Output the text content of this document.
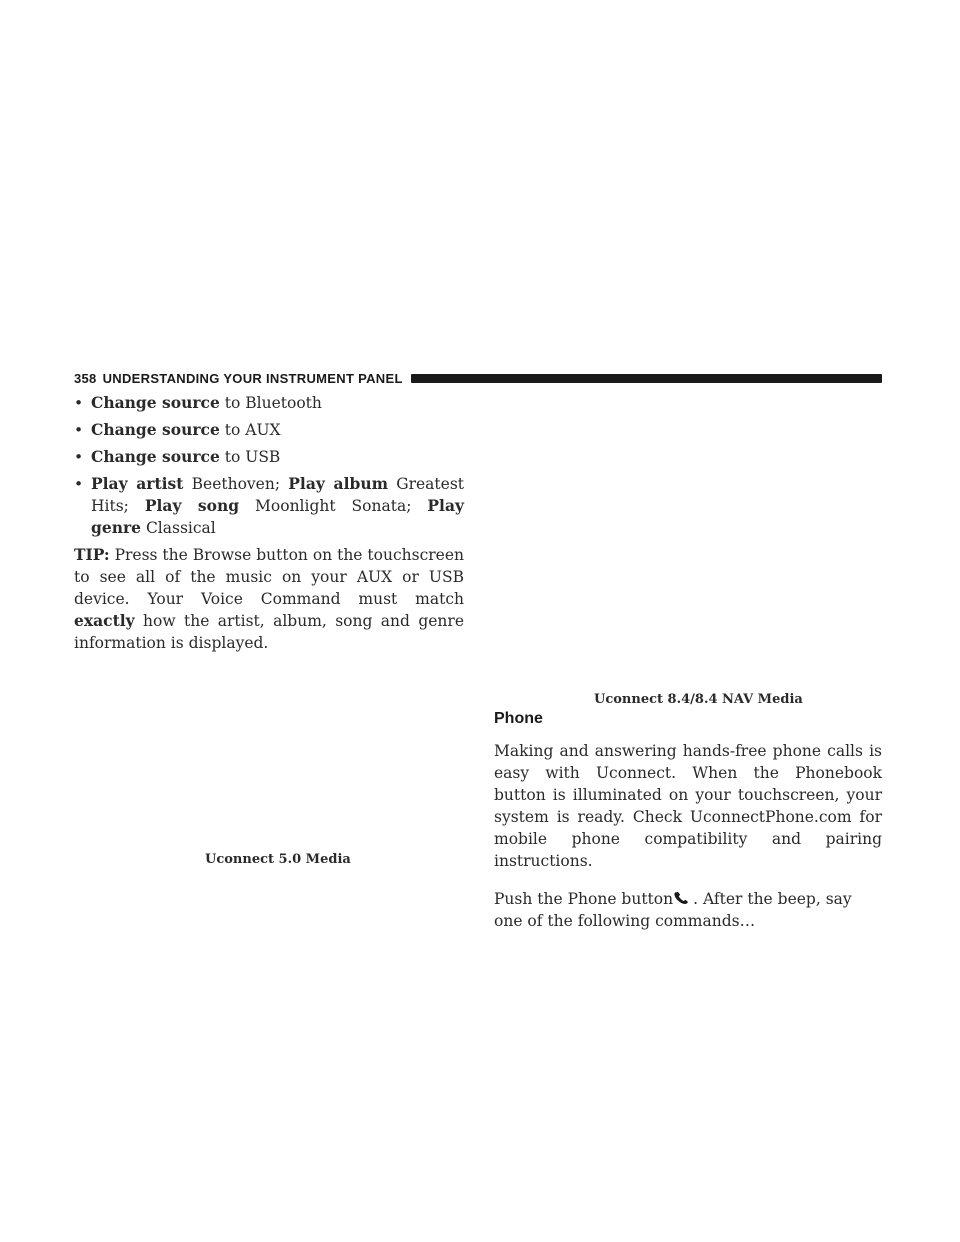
358 UNDERSTANDING YOUR INSTRUMENT PANEL
• Change source to Bluetooth
• Change source to AUX
• Change source to USB
• Play artist Beethoven; Play album Greatest Hits; Play song Moonlight Sonata; Play genre Classical

TIP: Press the Browse button on the touchscreen to see all of the music on your AUX or USB device. Your Voice Command must match exactly how the artist, album, song and genre information is displayed.

Uconnect 8.4/8.4 NAV Media
Uconnect 5.0 Media
Phone

Making and answering hands-free phone calls is easy with Uconnect. When the Phonebook button is illuminated on your touchscreen, your system is ready. Check UconnectPhone.com for mobile phone compatibility and pairing instructions.

Push the Phone button . After the beep, say one of the following commands…
